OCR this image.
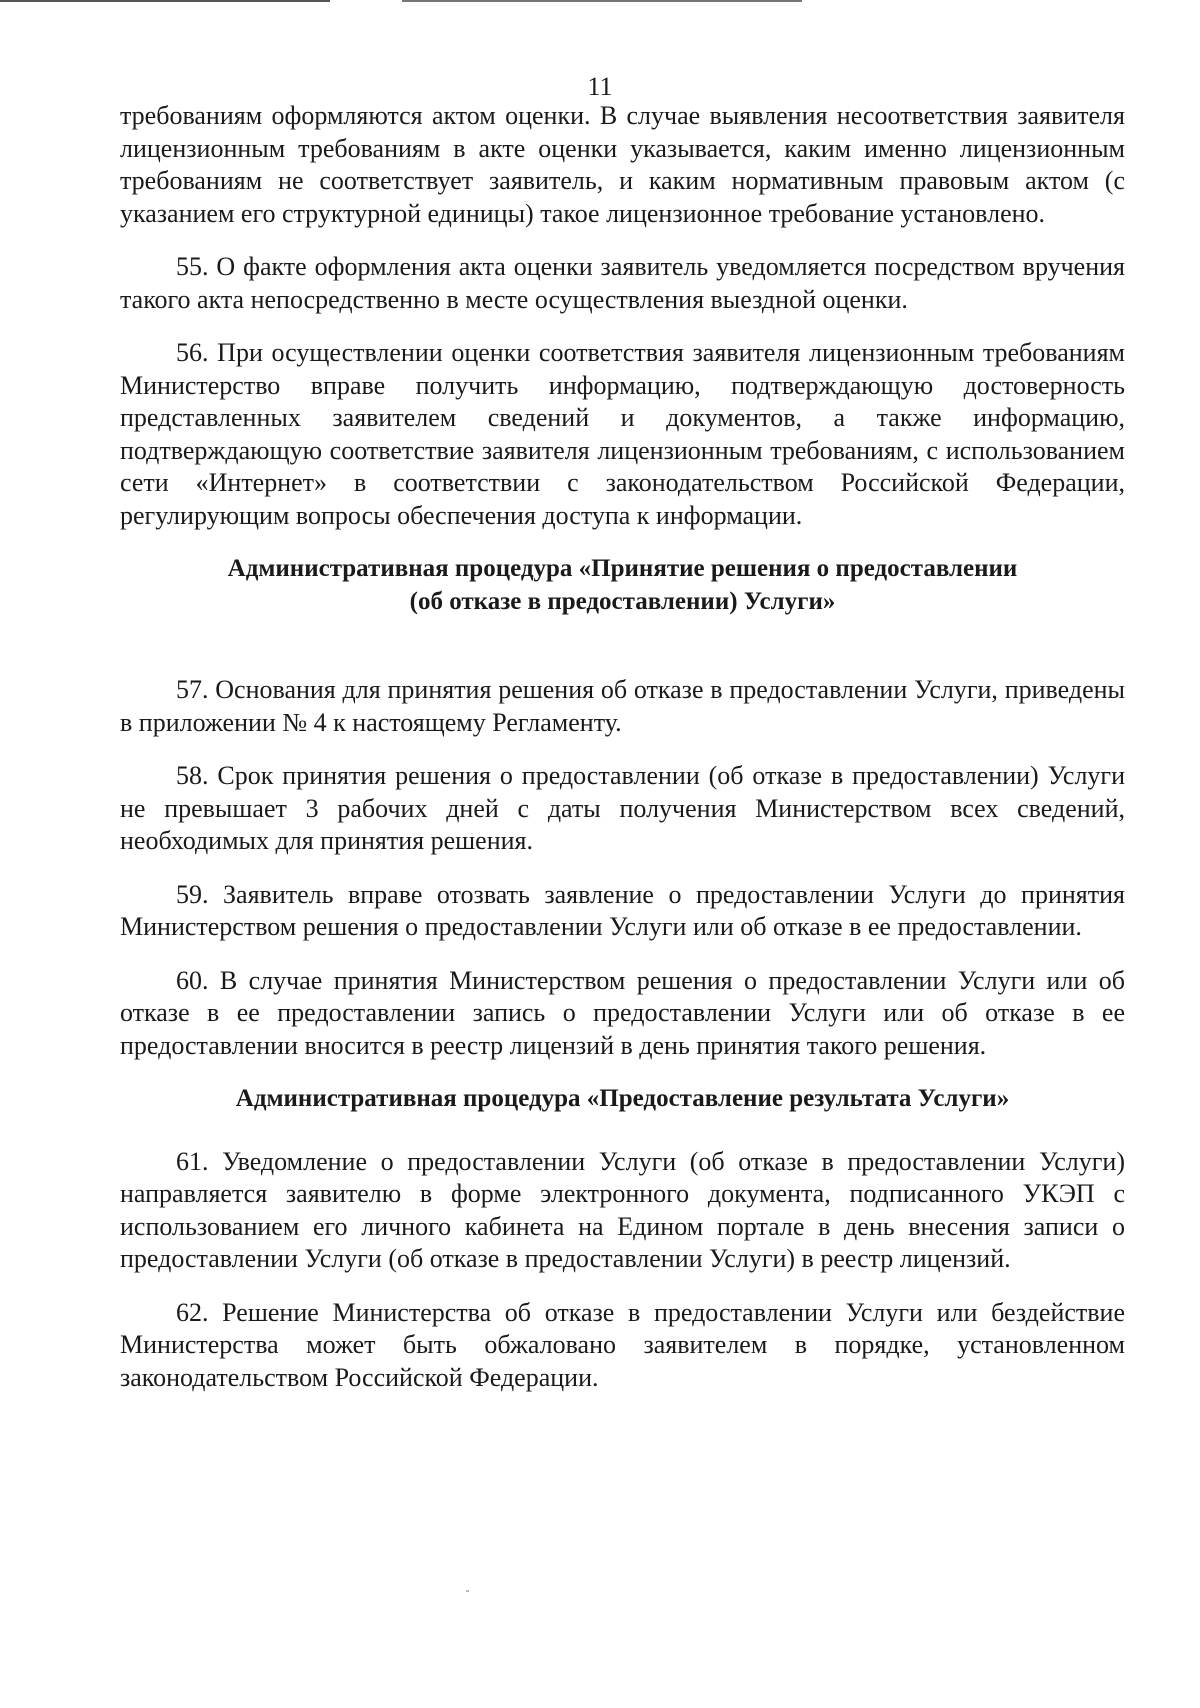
11

требованиям оформляются актом оценки. В случае выявления несоответствия заявителя лицензионным требованиям в акте оценки указывается, каким именно лицензионным требованиям не соответствует заявитель, и каким нормативным правовым актом (с указанием его структурной единицы) такое лицензионное требование установлено.

55. О факте оформления акта оценки заявитель уведомляется посредством вручения такого акта непосредственно в месте осуществления выездной оценки.

56. При осуществлении оценки соответствия заявителя лицензионным требованиям Министерство вправе получить информацию, подтверждающую достоверность представленных заявителем сведений и документов, а также информацию, подтверждающую соответствие заявителя лицензионным требованиям, с использованием сети «Интернет» в соответствии с законодательством Российской Федерации, регулирующим вопросы обеспечения доступа к информации.

Административная процедура «Принятие решения о предоставлении
(об отказе в предоставлении) Услуги»

57. Основания для принятия решения об отказе в предоставлении Услуги, приведены в приложении № 4 к настоящему Регламенту.

58. Срок принятия решения о предоставлении (об отказе в предоставлении) Услуги не превышает 3 рабочих дней с даты получения Министерством всех сведений, необходимых для принятия решения.

59. Заявитель вправе отозвать заявление о предоставлении Услуги до принятия Министерством решения о предоставлении Услуги или об отказе в ее предоставлении.

60. В случае принятия Министерством решения о предоставлении Услуги или об отказе в ее предоставлении запись о предоставлении Услуги или об отказе в ее предоставлении вносится в реестр лицензий в день принятия такого решения.

Административная процедура «Предоставление результата Услуги»

61. Уведомление о предоставлении Услуги (об отказе в предоставлении Услуги) направляется заявителю в форме электронного документа, подписанного УКЭП с использованием его личного кабинета на Едином портале в день внесения записи о предоставлении Услуги (об отказе в предоставлении Услуги) в реестр лицензий.

62. Решение Министерства об отказе в предоставлении Услуги или бездействие Министерства может быть обжаловано заявителем в порядке, установленном законодательством Российской Федерации.
